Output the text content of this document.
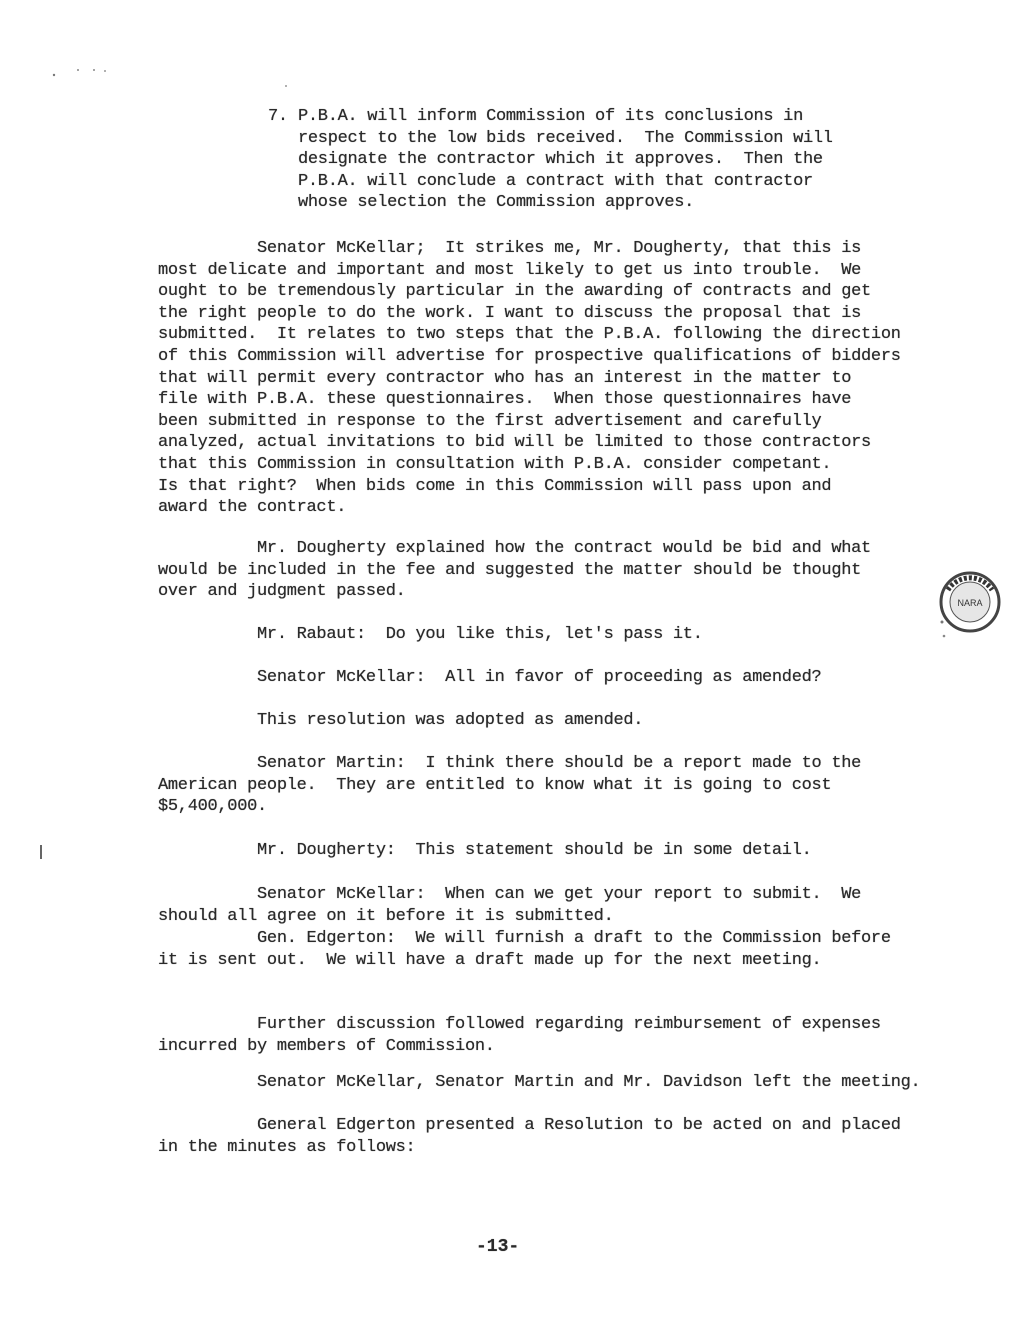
7. P.B.A. will inform Commission of its conclusions in
respect to the low bids received.  The Commission will
designate the contractor which it approves.  Then the
P.B.A. will conclude a contract with that contractor
whose selection the Commission approves.
Senator McKellar;  It strikes me, Mr. Dougherty, that this is
most delicate and important and most likely to get us into trouble.  We
ought to be tremendously particular in the awarding of contracts and get
the right people to do the work. I want to discuss the proposal that is
submitted.  It relates to two steps that the P.B.A. following the direction
of this Commission will advertise for prospective qualifications of bidders
that will permit every contractor who has an interest in the matter to
file with P.B.A. these questionnaires.  When those questionnaires have
been submitted in response to the first advertisement and carefully
analyzed, actual invitations to bid will be limited to those contractors
that this Commission in consultation with P.B.A. consider competant.
Is that right?  When bids come in this Commission will pass upon and
award the contract.
Mr. Dougherty explained how the contract would be bid and what
would be included in the fee and suggested the matter should be thought
over and judgment passed.
Mr. Rabaut:  Do you like this, let's pass it.
Senator McKellar:  All in favor of proceeding as amended?
This resolution was adopted as amended.
Senator Martin:  I think there should be a report made to the
American people.  They are entitled to know what it is going to cost
$5,400,000.
Mr. Dougherty:  This statement should be in some detail.
Senator McKellar:  When can we get your report to submit.  We
should all agree on it before it is submitted.
Gen. Edgerton:  We will furnish a draft to the Commission before
it is sent out.  We will have a draft made up for the next meeting.
Further discussion followed regarding reimbursement of expenses
incurred by members of Commission.
Senator McKellar, Senator Martin and Mr. Davidson left the meeting.
General Edgerton presented a Resolution to be acted on and placed
in the minutes as follows:
NARA
-13-
